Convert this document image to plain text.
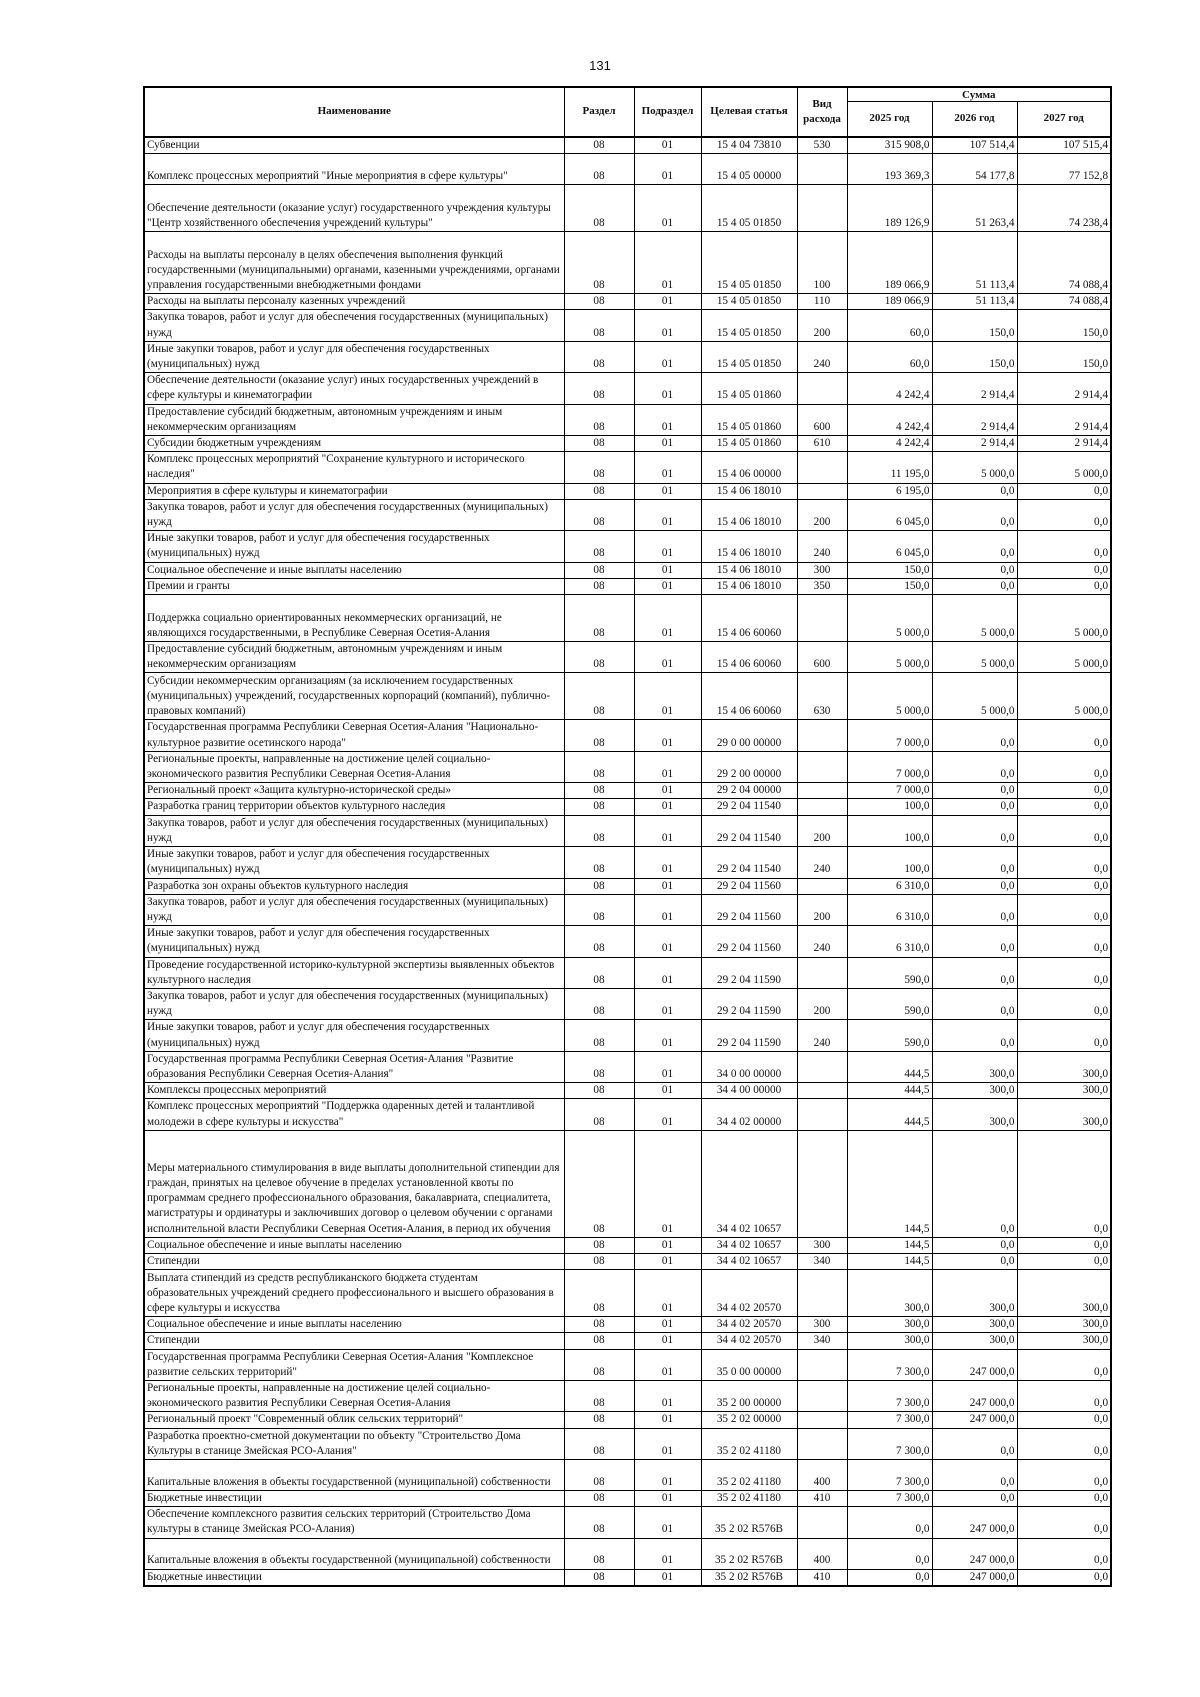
131
Наименование	Раздел	Подраздел	Целевая статья	Вид расхода	Сумма		
					2025 год	2026 год	2027 год
Субвенции	08	01	15 4 04 73810	530	315 908,0	107 514,4	107 515,4
Комплекс процессных мероприятий "Иные мероприятия в сфере культуры"	08	01	15 4 05 00000		193 369,3	54 177,8	77 152,8
Обеспечение деятельности (оказание услуг) государственного учреждения культуры "Центр хозяйственного обеспечения учреждений культуры"	08	01	15 4 05 01850		189 126,9	51 263,4	74 238,4
Расходы на выплаты персоналу в целях обеспечения выполнения функций государственными (муниципальными) органами, казенными учреждениями, органами управления государственными внебюджетными фондами	08	01	15 4 05 01850	100	189 066,9	51 113,4	74 088,4
Расходы на выплаты персоналу казенных учреждений	08	01	15 4 05 01850	110	189 066,9	51 113,4	74 088,4
Закупка товаров, работ и услуг для обеспечения государственных (муниципальных) нужд	08	01	15 4 05 01850	200	60,0	150,0	150,0
Иные закупки товаров, работ и услуг для обеспечения государственных (муниципальных) нужд	08	01	15 4 05 01850	240	60,0	150,0	150,0
Обеспечение деятельности (оказание услуг) иных государственных учреждений в сфере культуры и кинематографии	08	01	15 4 05 01860		4 242,4	2 914,4	2 914,4
Предоставление субсидий бюджетным, автономным учреждениям и иным некоммерческим организациям	08	01	15 4 05 01860	600	4 242,4	2 914,4	2 914,4
Субсидии бюджетным учреждениям	08	01	15 4 05 01860	610	4 242,4	2 914,4	2 914,4
Комплекс процессных мероприятий "Сохранение культурного и исторического наследия"	08	01	15 4 06 00000		11 195,0	5 000,0	5 000,0
Мероприятия в сфере культуры и кинематографии	08	01	15 4 06 18010		6 195,0	0,0	0,0
Закупка товаров, работ и услуг для обеспечения государственных (муниципальных) нужд	08	01	15 4 06 18010	200	6 045,0	0,0	0,0
Иные закупки товаров, работ и услуг для обеспечения государственных (муниципальных) нужд	08	01	15 4 06 18010	240	6 045,0	0,0	0,0
Социальное обеспечение и иные выплаты населению	08	01	15 4 06 18010	300	150,0	0,0	0,0
Премии и гранты	08	01	15 4 06 18010	350	150,0	0,0	0,0
Поддержка социально ориентированных некоммерческих организаций, не являющихся государственными, в Республике Северная Осетия-Алания	08	01	15 4 06 60060		5 000,0	5 000,0	5 000,0
Предоставление субсидий бюджетным, автономным учреждениям и иным некоммерческим организациям	08	01	15 4 06 60060	600	5 000,0	5 000,0	5 000,0
Субсидии некоммерческим организациям (за исключением государственных (муниципальных) учреждений, государственных корпораций (компаний), публично-правовых компаний)	08	01	15 4 06 60060	630	5 000,0	5 000,0	5 000,0
Государственная программа Республики Северная Осетия-Алания "Национально-культурное развитие осетинского народа"	08	01	29 0 00 00000		7 000,0	0,0	0,0
Региональные проекты, направленные на достижение целей социально-экономического развития Республики Северная Осетия-Алания	08	01	29 2 00 00000		7 000,0	0,0	0,0
Региональный проект «Защита культурно-исторической среды»	08	01	29 2 04 00000		7 000,0	0,0	0,0
Разработка границ территории объектов культурного наследия	08	01	29 2 04 11540		100,0	0,0	0,0
Закупка товаров, работ и услуг для обеспечения государственных (муниципальных) нужд	08	01	29 2 04 11540	200	100,0	0,0	0,0
Иные закупки товаров, работ и услуг для обеспечения государственных (муниципальных) нужд	08	01	29 2 04 11540	240	100,0	0,0	0,0
Разработка зон охраны объектов культурного наследия	08	01	29 2 04 11560		6 310,0	0,0	0,0
Закупка товаров, работ и услуг для обеспечения государственных (муниципальных) нужд	08	01	29 2 04 11560	200	6 310,0	0,0	0,0
Иные закупки товаров, работ и услуг для обеспечения государственных (муниципальных) нужд	08	01	29 2 04 11560	240	6 310,0	0,0	0,0
Проведение государственной историко-культурной экспертизы выявленных объектов культурного наследия	08	01	29 2 04 11590		590,0	0,0	0,0
Закупка товаров, работ и услуг для обеспечения государственных (муниципальных) нужд	08	01	29 2 04 11590	200	590,0	0,0	0,0
Иные закупки товаров, работ и услуг для обеспечения государственных (муниципальных) нужд	08	01	29 2 04 11590	240	590,0	0,0	0,0
Государственная программа Республики Северная Осетия-Алания "Развитие образования Республики Северная Осетия-Алания"	08	01	34 0 00 00000		444,5	300,0	300,0
Комплексы процессных мероприятий	08	01	34 4 00 00000		444,5	300,0	300,0
Комплекс процессных мероприятий "Поддержка одаренных детей и талантливой молодежи в сфере культуры и искусства"	08	01	34 4 02 00000		444,5	300,0	300,0
Меры материального стимулирования в виде выплаты дополнительной стипендии для граждан, принятых на целевое обучение в пределах установленной квоты по программам среднего профессионального образования, бакалавриата, специалитета, магистратуры и ординатуры и заключивших договор о целевом обучении с органами исполнительной власти Республики Северная Осетия-Алания, в период их обучения	08	01	34 4 02 10657		144,5	0,0	0,0
Социальное обеспечение и иные выплаты населению	08	01	34 4 02 10657	300	144,5	0,0	0,0
Стипендии	08	01	34 4 02 10657	340	144,5	0,0	0,0
Выплата стипендий из средств республиканского бюджета студентам образовательных учреждений среднего профессионального и высшего образования в сфере культуры и искусства	08	01	34 4 02 20570		300,0	300,0	300,0
Социальное обеспечение и иные выплаты населению	08	01	34 4 02 20570	300	300,0	300,0	300,0
Стипендии	08	01	34 4 02 20570	340	300,0	300,0	300,0
Государственная программа Республики Северная Осетия-Алания "Комплексное развитие сельских территорий"	08	01	35 0 00 00000		7 300,0	247 000,0	0,0
Региональные проекты, направленные на достижение целей социально-экономического развития Республики Северная Осетия-Алания	08	01	35 2 00 00000		7 300,0	247 000,0	0,0
Региональный проект "Современный облик сельских территорий"	08	01	35 2 02 00000		7 300,0	247 000,0	0,0
Разработка проектно-сметной документации по объекту "Строительство Дома Культуры в станице Змейская РСО-Алания"	08	01	35 2 02 41180		7 300,0	0,0	0,0
Капитальные вложения в объекты государственной (муниципальной) собственности	08	01	35 2 02 41180	400	7 300,0	0,0	0,0
Бюджетные инвестиции	08	01	35 2 02 41180	410	7 300,0	0,0	0,0
Обеспечение комплексного развития сельских территорий (Строительство Дома культуры в станице Змейская РСО-Алания)	08	01	35 2 02 R576B		0,0	247 000,0	0,0
Капитальные вложения в объекты государственной (муниципальной) собственности	08	01	35 2 02 R576B	400	0,0	247 000,0	0,0
Бюджетные инвестиции	08	01	35 2 02 R576B	410	0,0	247 000,0	0,0
